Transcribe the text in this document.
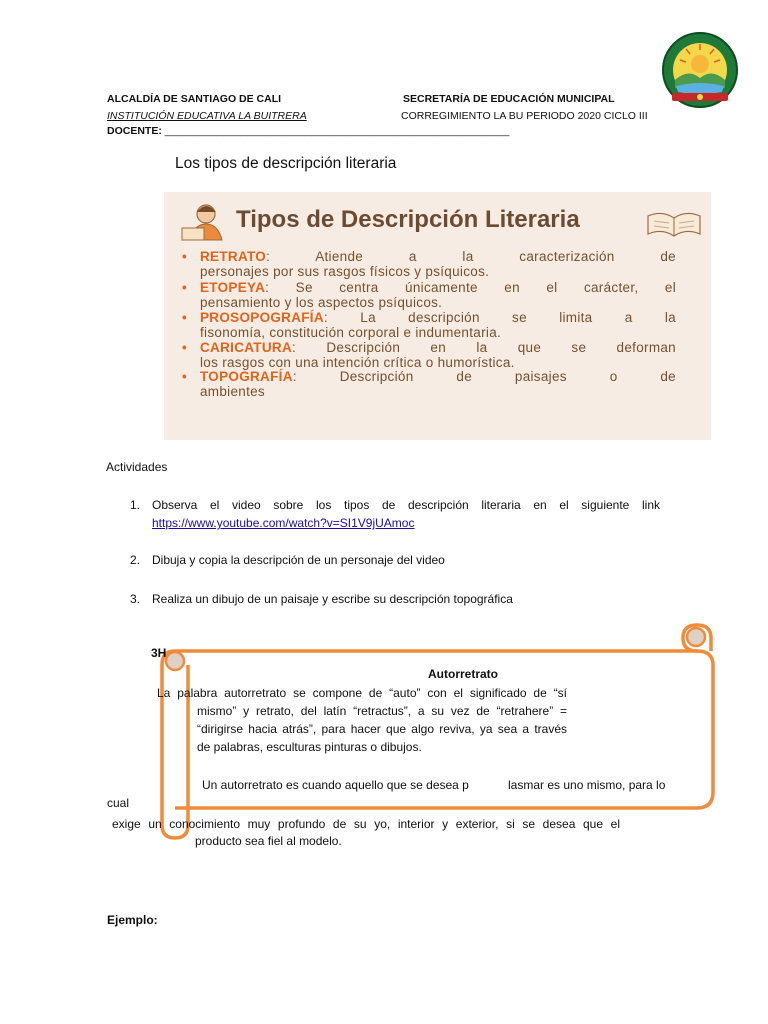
ALCALDÍA DE SANTIAGO DE CALI
INSTITUCIÓN EDUCATIVA LA BUITRERA
DOCENTE: ___________________________________________________________
SECRETARÍA DE EDUCACIÓN MUNICIPAL
CORREGIMIENTO LA BU PERIODO 2020 CICLO III
Los tipos de descripción literaria
Tipos de Descripción Literaria
• RETRATO: Atiende a la caracterización de
personajes por sus rasgos físicos y psíquicos.
• ETOPEYA: Se centra únicamente en el carácter, el
pensamiento y los aspectos psíquicos.
• PROSOPOGRAFÍA: La descripción se limita a la
fisonomía, constitución corporal e indumentaria.
• CARICATURA: Descripción en la que se deforman
los rasgos con una intención crítica o humorística.
• TOPOGRAFÍA: Descripción de paisajes o de
ambientes
Actividades
1. Observa el video sobre los tipos de descripción literaria en el siguiente link
https://www.youtube.com/watch?v=SI1V9jUAmoc
2. Dibuja y copia la descripción de un personaje del video
3. Realiza un dibujo de un paisaje y escribe su descripción topográfica
3H
Autorretrato
La palabra autorretrato se compone de “auto” con el significado de “sí
mismo” y retrato, del latín “retractus”, a su vez de “retrahere” =
“dirigirse hacia atrás”, para hacer que algo reviva, ya sea a través
de palabras, esculturas pinturas o dibujos.
Un autorretrato es cuando aquello que se desea p	lasmar es uno mismo, para lo
cual
exige un conocimiento muy profundo de su yo, interior y exterior, si se desea que el
producto sea fiel al modelo.
Ejemplo:
